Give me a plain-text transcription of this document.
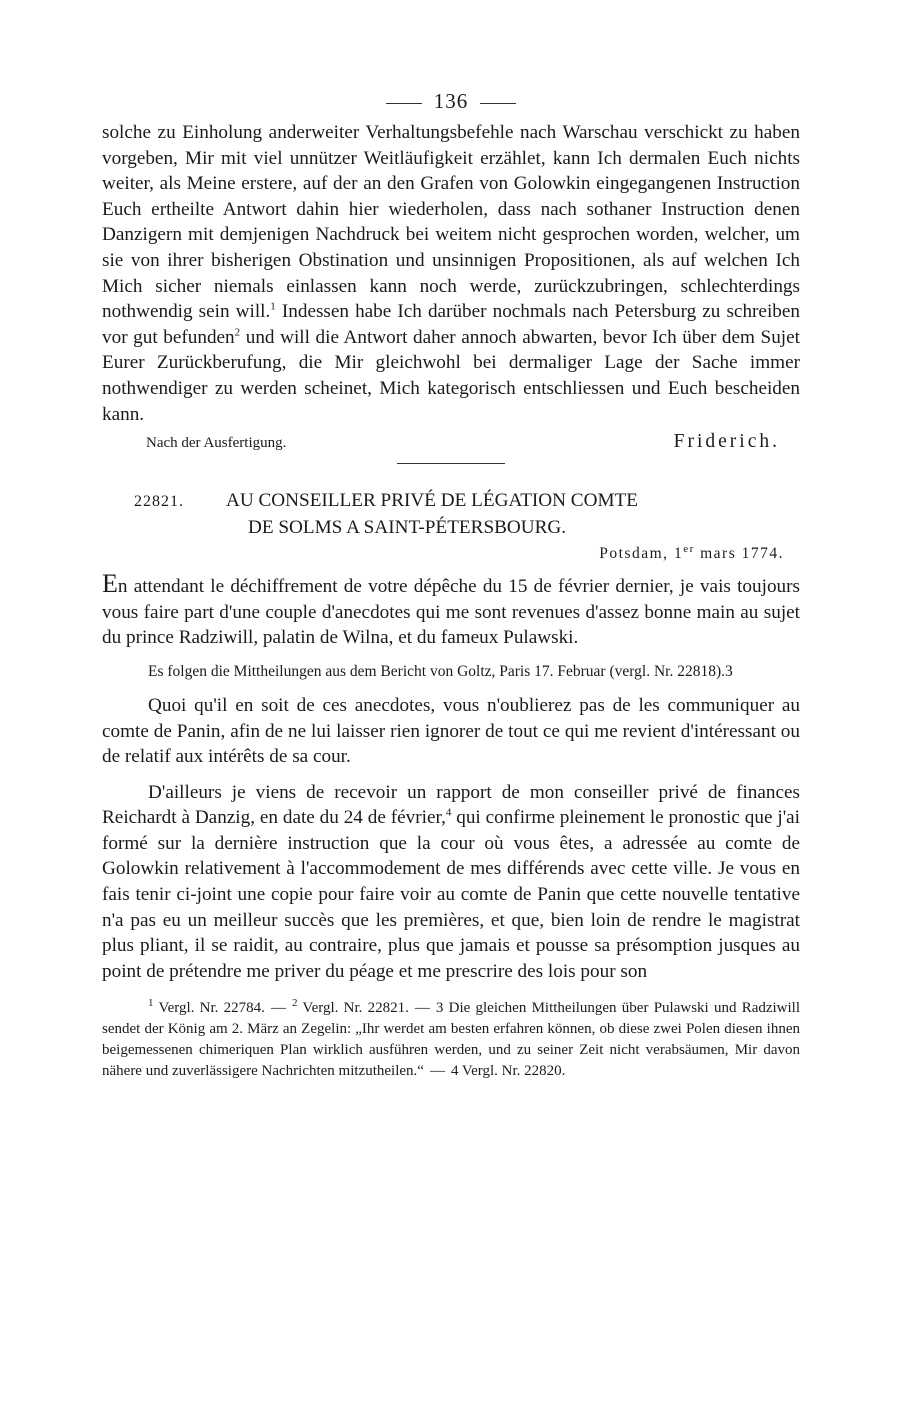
136

solche zu Einholung anderweiter Verhaltungsbefehle nach Warschau verschickt zu haben vorgeben, Mir mit viel unnützer Weitläufigkeit erzählet, kann Ich dermalen Euch nichts weiter, als Meine erstere, auf der an den Grafen von Golowkin eingegangenen Instruction Euch ertheilte Antwort dahin hier wiederholen, dass nach sothaner Instruction denen Danzigern mit demjenigen Nachdruck bei weitem nicht gesprochen worden, welcher, um sie von ihrer bisherigen Obstination und unsinnigen Propositionen, als auf welchen Ich Mich sicher niemals einlassen kann noch werde, zurückzubringen, schlechterdings nothwendig sein will.$^1$ Indessen habe Ich darüber nochmals nach Petersburg zu schreiben vor gut befunden$^2$ und will die Antwort daher annoch abwarten, bevor Ich über dem Sujet Eurer Zurückberufung, die Mir gleichwohl bei dermaliger Lage der Sache immer nothwendiger zu werden scheinet, Mich kategorisch entschliessen und Euch bescheiden kann.

Nach der Ausfertigung.	Friderich.
22821. AU CONSEILLER PRIVÉ DE LÉGATION COMTE
DE SOLMS A SAINT-PÉTERSBOURG.
Potsdam, 1er mars 1774.

En attendant le déchiffrement de votre dépêche du 15 de février dernier, je vais toujours vous faire part d'une couple d'anecdotes qui me sont revenues d'assez bonne main au sujet du prince Radziwill, palatin de Wilna, et du fameux Pulawski.

Es folgen die Mittheilungen aus dem Bericht von Goltz, Paris 17. Februar (vergl. Nr. 22818).3

Quoi qu'il en soit de ces anecdotes, vous n'oublierez pas de les communiquer au comte de Panin, afin de ne lui laisser rien ignorer de tout ce qui me revient d'intéressant ou de relatif aux intérêts de sa cour.

D'ailleurs je viens de recevoir un rapport de mon conseiller privé de finances Reichardt à Danzig, en date du 24 de février,$^4$ qui confirme pleinement le pronostic que j'ai formé sur la dernière instruction que la cour où vous êtes, a adressée au comte de Golowkin relativement à l'accommodement de mes différends avec cette ville. Je vous en fais tenir ci-joint une copie pour faire voir au comte de Panin que cette nouvelle tentative n'a pas eu un meilleur succès que les premières, et que, bien loin de rendre le magistrat plus pliant, il se raidit, au contraire, plus que jamais et pousse sa présomption jusques au point de prétendre me priver du péage et me prescrire des lois pour son

$^1$ Vergl. Nr. 22784. — $^2$ Vergl. Nr. 22821. — 3 Die gleichen Mittheilungen über Pulawski und Radziwill sendet der König am 2. März an Zegelin: „Ihr werdet am besten erfahren können, ob diese zwei Polen diesen ihnen beigemessenen chimeriquen Plan wirklich ausführen werden, und zu seiner Zeit nicht verabsäumen, Mir davon nähere und zuverlässigere Nachrichten mitzutheilen.“ — 4 Vergl. Nr. 22820.
